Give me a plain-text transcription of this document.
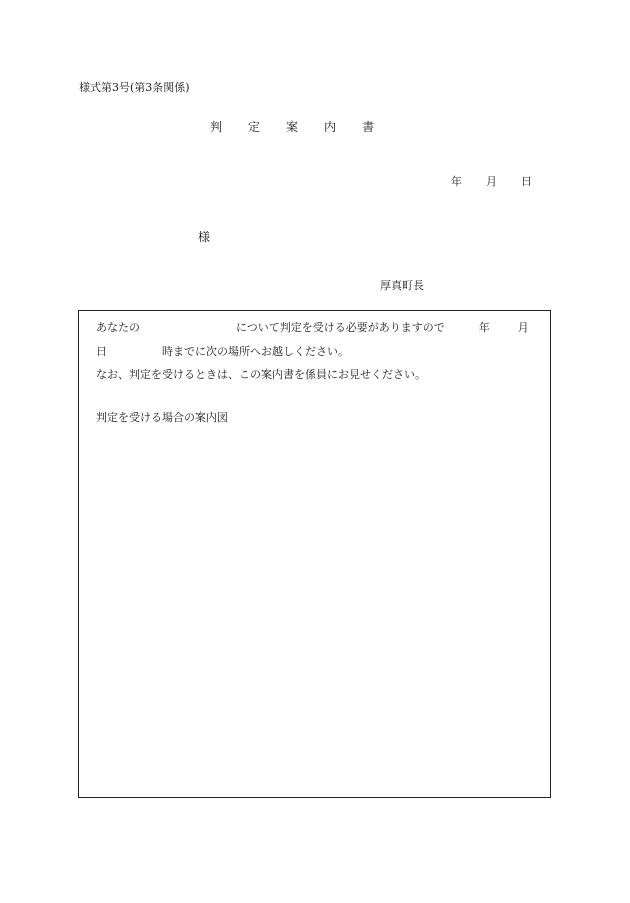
様式第3号(第3条関係)
判 定 案 内 書
年 月 日
様
厚真町長
あなたの	について判定を受ける必要がありますので	年	月
日	時までに次の場所へお越しください。
なお、判定を受けるときは、この案内書を係員にお見せください。
判定を受ける場合の案内図
